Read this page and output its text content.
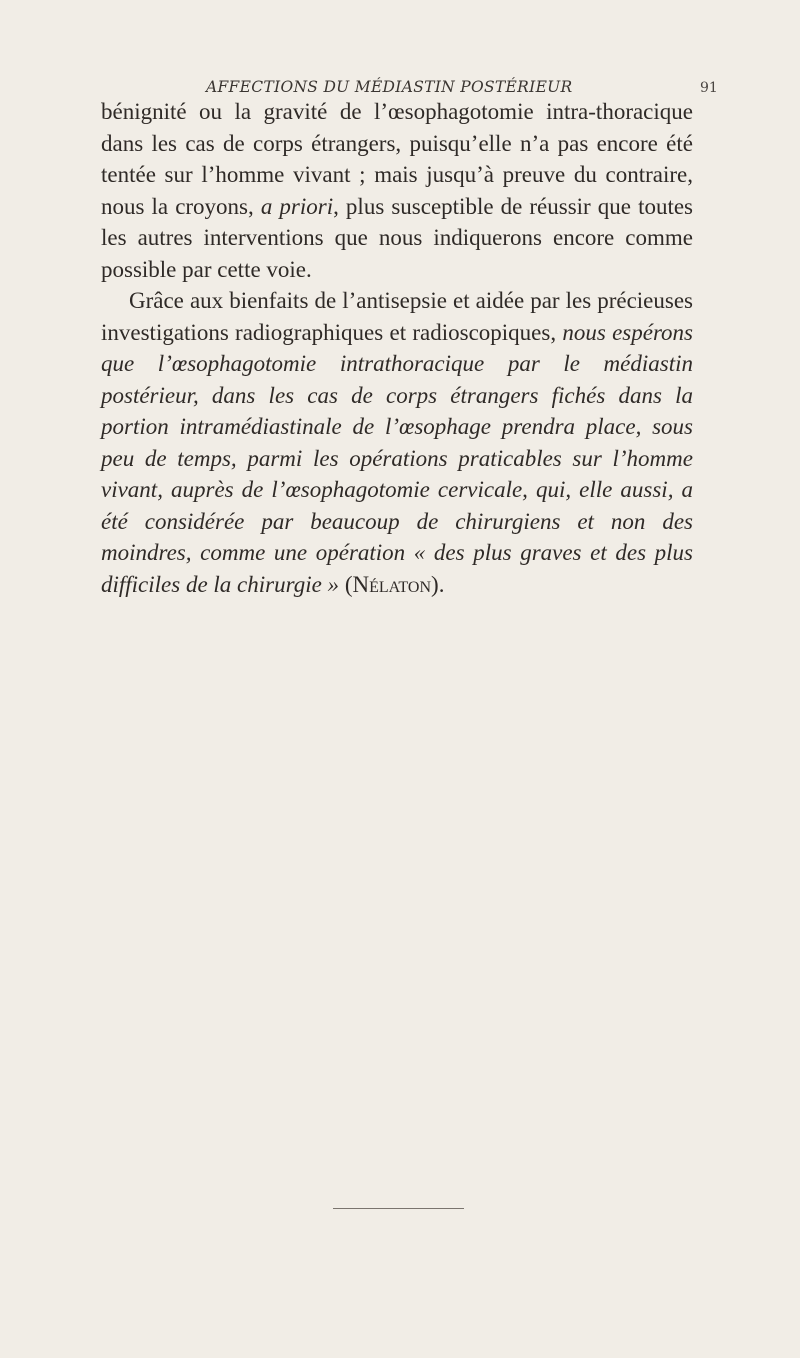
AFFECTIONS DU MÉDIASTIN POSTÉRIEUR	91

bénignité ou la gravité de l’œsophagotomie intra-thoracique dans les cas de corps étrangers, puisqu’elle n’a pas encore été tentée sur l’homme vivant ; mais jusqu’à preuve du contraire, nous la croyons, a priori, plus susceptible de réussir que toutes les autres interventions que nous indiquerons encore comme possible par cette voie.

Grâce aux bienfaits de l’antisepsie et aidée par les précieuses investigations radiographiques et radioscopiques, nous espérons que l’œsophagotomie intrathoracique par le médiastin postérieur, dans les cas de corps étrangers fichés dans la portion intramédiastinale de l’œsophage prendra place, sous peu de temps, parmi les opérations praticables sur l’homme vivant, auprès de l’œsophagotomie cervicale, qui, elle aussi, a été considérée par beaucoup de chirurgiens et non des moindres, comme une opération « des plus graves et des plus difficiles de la chirurgie » (Nélaton).
